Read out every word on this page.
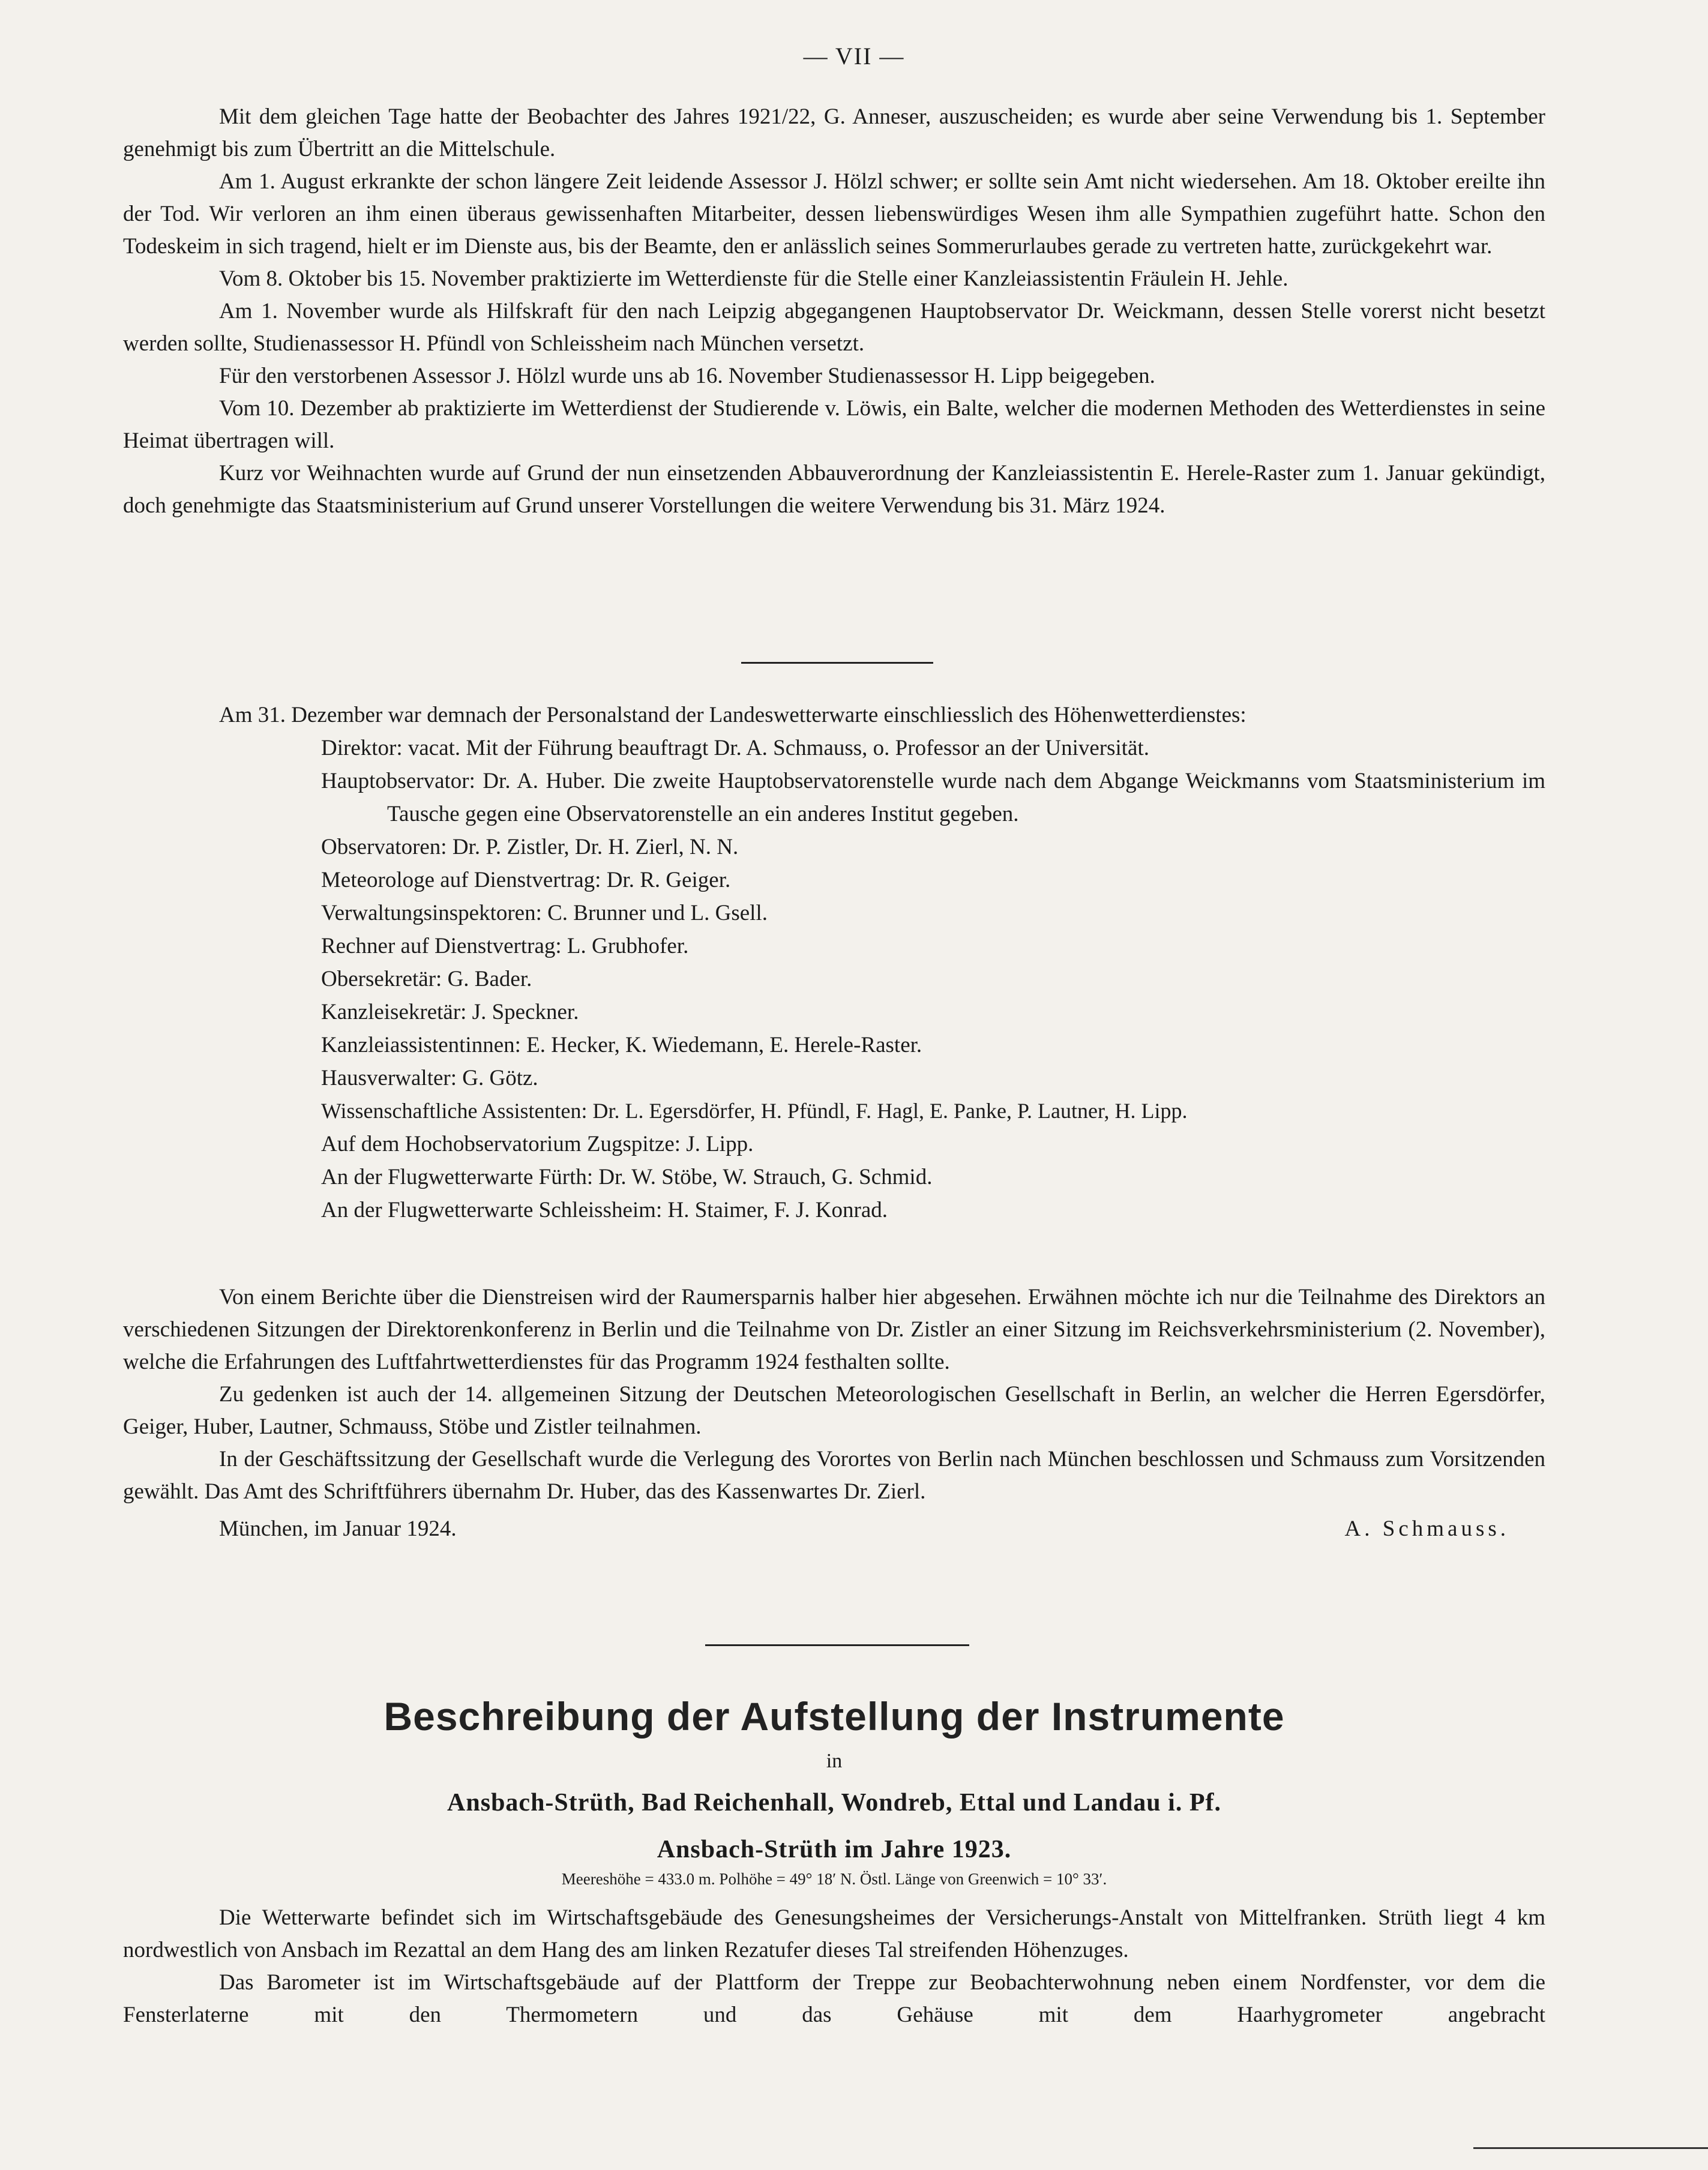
— VII —

Mit dem gleichen Tage hatte der Beobachter des Jahres 1921/22, G. Anneser, auszuscheiden; es wurde aber seine Verwendung bis 1. September genehmigt bis zum Übertritt an die Mittelschule.

Am 1. August erkrankte der schon längere Zeit leidende Assessor J. Hölzl schwer; er sollte sein Amt nicht wiedersehen. Am 18. Oktober ereilte ihn der Tod. Wir verloren an ihm einen überaus gewissenhaften Mitarbeiter, dessen liebenswürdiges Wesen ihm alle Sympathien zugeführt hatte. Schon den Todeskeim in sich tragend, hielt er im Dienste aus, bis der Beamte, den er anlässlich seines Sommerurlaubes gerade zu vertreten hatte, zurückgekehrt war.

Vom 8. Oktober bis 15. November praktizierte im Wetterdienste für die Stelle einer Kanzleiassistentin Fräulein H. Jehle.

Am 1. November wurde als Hilfskraft für den nach Leipzig abgegangenen Hauptobservator Dr. Weickmann, dessen Stelle vorerst nicht besetzt werden sollte, Studienassessor H. Pfündl von Schleissheim nach München versetzt.

Für den verstorbenen Assessor J. Hölzl wurde uns ab 16. November Studienassessor H. Lipp beigegeben.

Vom 10. Dezember ab praktizierte im Wetterdienst der Studierende v. Löwis, ein Balte, welcher die modernen Methoden des Wetterdienstes in seine Heimat übertragen will.

Kurz vor Weihnachten wurde auf Grund der nun einsetzenden Abbauverordnung der Kanzleiassistentin E. Herele-Raster zum 1. Januar gekündigt, doch genehmigte das Staatsministerium auf Grund unserer Vorstellungen die weitere Verwendung bis 31. März 1924.

Am 31. Dezember war demnach der Personalstand der Landeswetterwarte einschliesslich des Höhenwetterdienstes:

Direktor: vacat. Mit der Führung beauftragt Dr. A. Schmauss, o. Professor an der Universität.

Hauptobservator: Dr. A. Huber. Die zweite Hauptobservatorenstelle wurde nach dem Abgange Weickmanns vom Staatsministerium im Tausche gegen eine Observatorenstelle an ein anderes Institut gegeben.

Observatoren: Dr. P. Zistler, Dr. H. Zierl, N. N.

Meteorologe auf Dienstvertrag: Dr. R. Geiger.

Verwaltungsinspektoren: C. Brunner und L. Gsell.

Rechner auf Dienstvertrag: L. Grubhofer.

Obersekretär: G. Bader.

Kanzleisekretär: J. Speckner.

Kanzleiassistentinnen: E. Hecker, K. Wiedemann, E. Herele-Raster.

Hausverwalter: G. Götz.

Wissenschaftliche Assistenten: Dr. L. Egersdörfer, H. Pfündl, F. Hagl, E. Panke, P. Lautner, H. Lipp.

Auf dem Hochobservatorium Zugspitze: J. Lipp.

An der Flugwetterwarte Fürth: Dr. W. Stöbe, W. Strauch, G. Schmid.

An der Flugwetterwarte Schleissheim: H. Staimer, F. J. Konrad.

Von einem Berichte über die Dienstreisen wird der Raumersparnis halber hier abgesehen. Erwähnen möchte ich nur die Teilnahme des Direktors an verschiedenen Sitzungen der Direktorenkonferenz in Berlin und die Teilnahme von Dr. Zistler an einer Sitzung im Reichsverkehrsministerium (2. November), welche die Erfahrungen des Luftfahrtwetterdienstes für das Programm 1924 festhalten sollte.

Zu gedenken ist auch der 14. allgemeinen Sitzung der Deutschen Meteorologischen Gesellschaft in Berlin, an welcher die Herren Egersdörfer, Geiger, Huber, Lautner, Schmauss, Stöbe und Zistler teilnahmen.

In der Geschäftssitzung der Gesellschaft wurde die Verlegung des Vorortes von Berlin nach München beschlossen und Schmauss zum Vorsitzenden gewählt. Das Amt des Schriftführers übernahm Dr. Huber, das des Kassenwartes Dr. Zierl.

München, im Januar 1924.	A. Schmauss.
Beschreibung der Aufstellung der Instrumente
in
Ansbach-Strüth, Bad Reichenhall, Wondreb, Ettal und Landau i. Pf.
Ansbach-Strüth im Jahre 1923.
Meereshöhe = 433.0 m. Polhöhe = 49° 18′ N. Östl. Länge von Greenwich = 10° 33′.

Die Wetterwarte befindet sich im Wirtschaftsgebäude des Genesungsheimes der Versicherungs-Anstalt von Mittelfranken. Strüth liegt 4 km nordwestlich von Ansbach im Rezattal an dem Hang des am linken Rezatufer dieses Tal streifenden Höhenzuges.

Das Barometer ist im Wirtschaftsgebäude auf der Plattform der Treppe zur Beobachterwohnung neben einem Nordfenster, vor dem die Fensterlaterne mit den Thermometern und das Gehäuse mit dem Haarhygrometer angebracht
